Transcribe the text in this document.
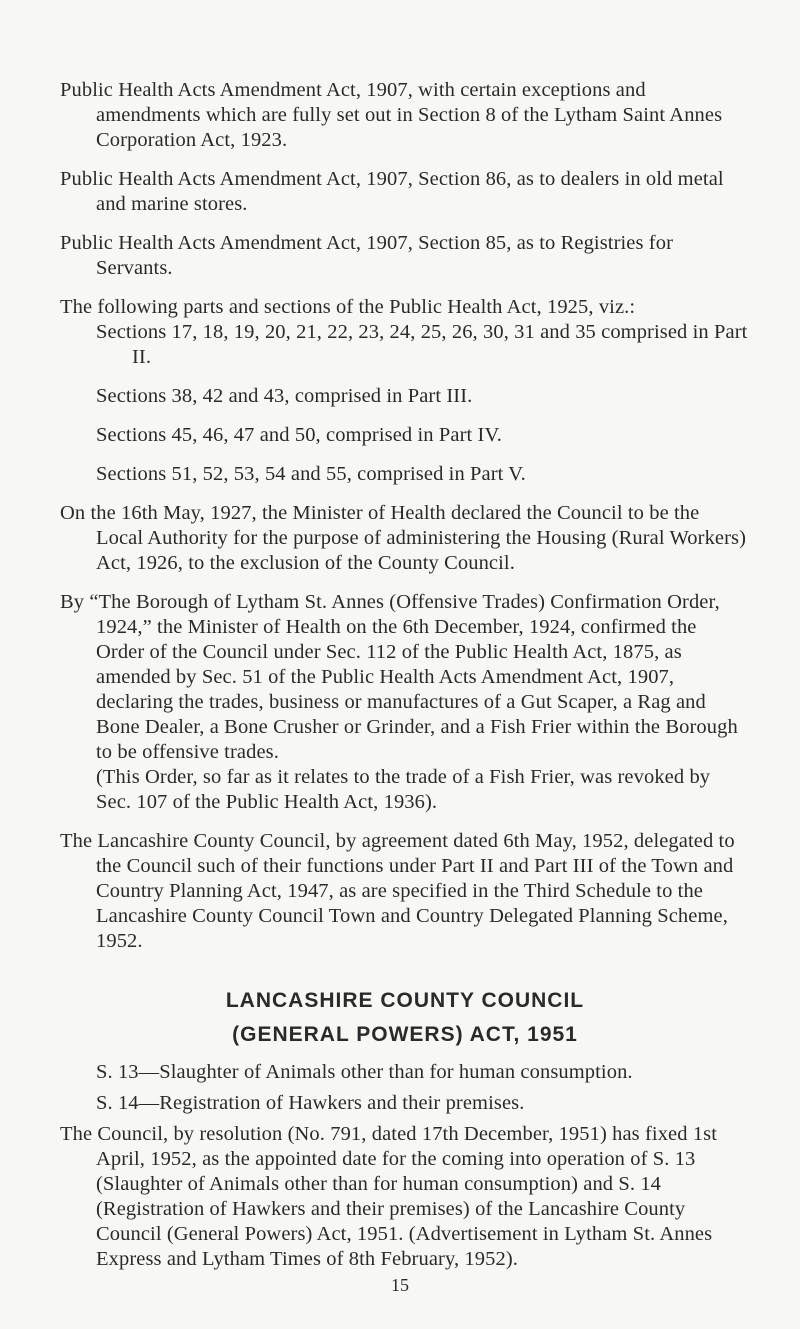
Public Health Acts Amendment Act, 1907, with certain exceptions and amendments which are fully set out in Section 8 of the Lytham Saint Annes Corporation Act, 1923.

Public Health Acts Amendment Act, 1907, Section 86, as to dealers in old metal and marine stores.

Public Health Acts Amendment Act, 1907, Section 85, as to Registries for Servants.

The following parts and sections of the Public Health Act, 1925, viz.:

Sections 17, 18, 19, 20, 21, 22, 23, 24, 25, 26, 30, 31 and 35 comprised in Part II.

Sections 38, 42 and 43, comprised in Part III.

Sections 45, 46, 47 and 50, comprised in Part IV.

Sections 51, 52, 53, 54 and 55, comprised in Part V.

On the 16th May, 1927, the Minister of Health declared the Council to be the Local Authority for the purpose of administering the Housing (Rural Workers) Act, 1926, to the exclusion of the County Council.

By “The Borough of Lytham St. Annes (Offensive Trades) Confirmation Order, 1924,” the Minister of Health on the 6th December, 1924, confirmed the Order of the Council under Sec. 112 of the Public Health Act, 1875, as amended by Sec. 51 of the Public Health Acts Amendment Act, 1907, declaring the trades, business or manufactures of a Gut Scaper, a Rag and Bone Dealer, a Bone Crusher or Grinder, and a Fish Frier within the Borough to be offensive trades.

(This Order, so far as it relates to the trade of a Fish Frier, was revoked by Sec. 107 of the Public Health Act, 1936).

The Lancashire County Council, by agreement dated 6th May, 1952, delegated to the Council such of their functions under Part II and Part III of the Town and Country Planning Act, 1947, as are specified in the Third Schedule to the Lancashire County Council Town and Country Delegated Planning Scheme, 1952.

LANCASHIRE COUNTY COUNCIL
(GENERAL POWERS) ACT, 1951

S. 13—Slaughter of Animals other than for human consumption.

S. 14—Registration of Hawkers and their premises.

The Council, by resolution (No. 791, dated 17th December, 1951) has fixed 1st April, 1952, as the appointed date for the coming into operation of S. 13 (Slaughter of Animals other than for human consumption) and S. 14 (Registration of Hawkers and their premises) of the Lancashire County Council (General Powers) Act, 1951. (Advertisement in Lytham St. Annes Express and Lytham Times of 8th February, 1952).

15
